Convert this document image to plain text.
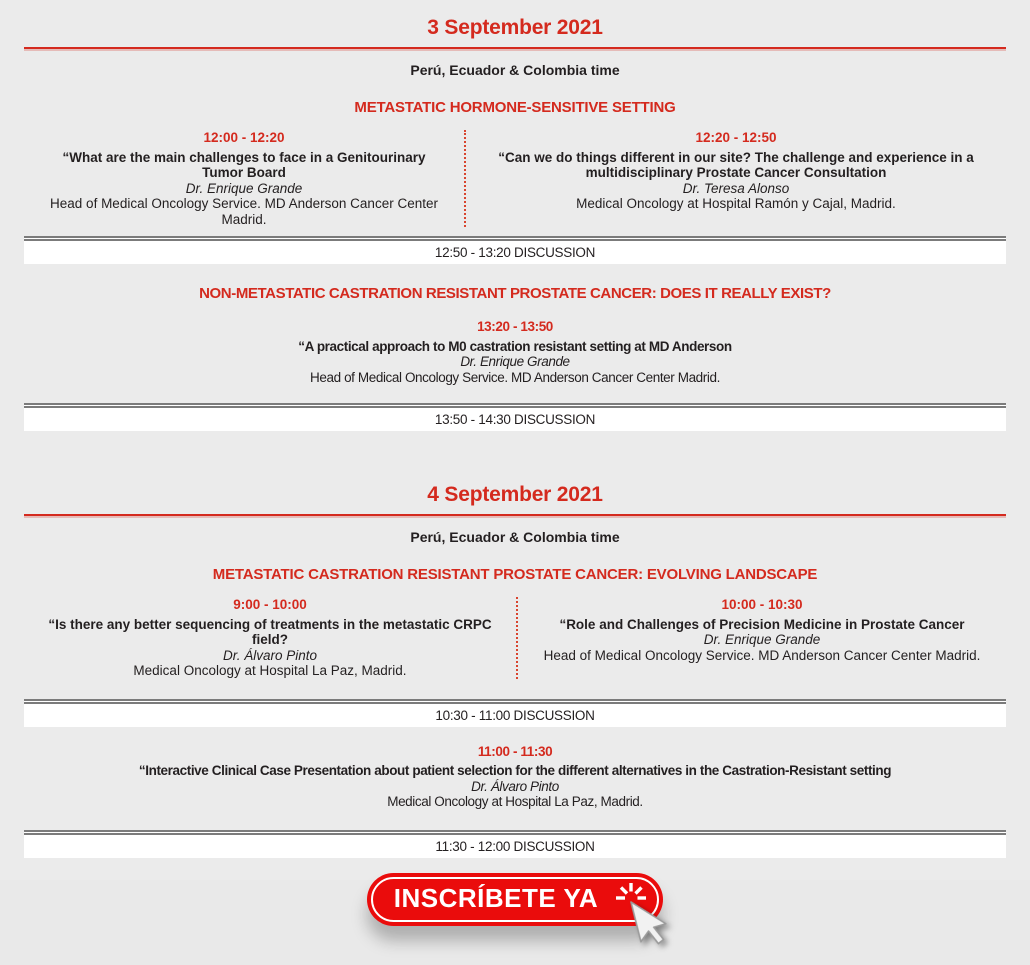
3 September 2021

Perú, Ecuador & Colombia time

METASTATIC HORMONE-SENSITIVE SETTING

12:00 - 12:20

“What are the main challenges to face in a Genitourinary Tumor Board

Dr. Enrique Grande

Head of Medical Oncology Service. MD Anderson Cancer Center Madrid.

12:20 - 12:50

“Can we do things different in our site? The challenge and experience in a multidisciplinary Prostate Cancer Consultation

Dr. Teresa Alonso

Medical Oncology at Hospital Ramón y Cajal, Madrid.

12:50 - 13:20
DISCUSSION
NON-METASTATIC CASTRATION RESISTANT PROSTATE CANCER: DOES IT REALLY EXIST?

13:20 - 13:50

“A practical approach to M0 castration resistant setting at MD Anderson

Dr. Enrique Grande

Head of Medical Oncology Service. MD Anderson Cancer Center Madrid.

13:50 - 14:30
DISCUSSION
4 September 2021

Perú, Ecuador & Colombia time

METASTATIC CASTRATION RESISTANT PROSTATE CANCER: EVOLVING LANDSCAPE

9:00 - 10:00

“Is there any better sequencing of treatments in the metastatic CRPC field?

Dr. Álvaro Pinto

Medical Oncology at Hospital La Paz, Madrid.

10:00 - 10:30

“Role and Challenges of Precision Medicine in Prostate Cancer

Dr. Enrique Grande

Head of Medical Oncology Service. MD Anderson Cancer Center Madrid.

10:30 - 11:00
DISCUSSION

11:00 - 11:30

“Interactive Clinical Case Presentation about patient selection for the different alternatives in the Castration-Resistant setting

Dr. Álvaro Pinto

Medical Oncology at Hospital La Paz, Madrid.

11:30 - 12:00
DISCUSSION
INSCRÍBETE YA
